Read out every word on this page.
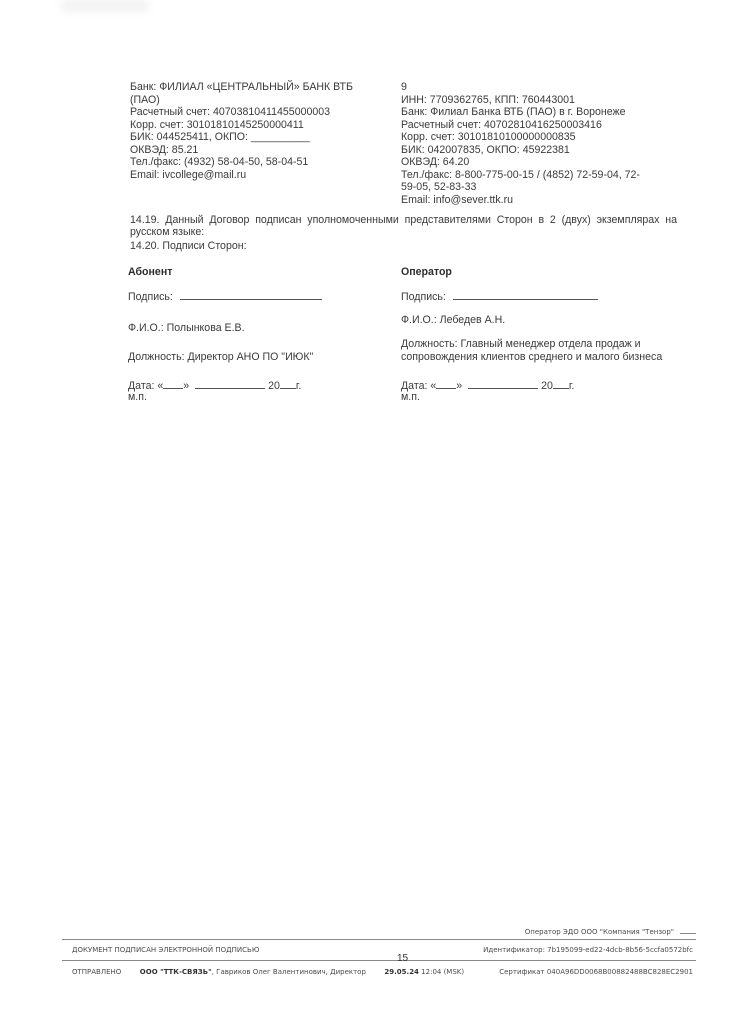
Банк: ФИЛИАЛ «ЦЕНТРАЛЬНЫЙ» БАНК ВТБ
(ПАО)
Расчетный счет: 40703810411455000003
Корр. счет: 30101810145250000411
БИК: 044525411, ОКПО: __________
ОКВЭД: 85.21
Тел./факс: (4932) 58-04-50, 58-04-51
Email: ivcollege@mail.ru
9
ИНН: 7709362765, КПП: 760443001
Банк: Филиал Банка ВТБ (ПАО) в г. Воронеже
Расчетный счет: 40702810416250003416
Корр. счет: 30101810100000000835
БИК: 042007835, ОКПО: 45922381
ОКВЭД: 64.20
Тел./факс: 8-800-775-00-15 / (4852) 72-59-04, 72-
59-05, 52-83-33
Email: info@sever.ttk.ru
14.19. Данный Договор подписан уполномоченными представителями Сторон в 2 (двух) экземплярах на русском языке:
14.20. Подписи Сторон:
Абонент
Подпись:
Ф.И.О.: Полынкова Е.В.
Должность: Директор АНО ПО "ИЮК"
Дата: « »	20 г.
м.п.
Оператор
Подпись:
Ф.И.О.: Лебедев А.Н.
Должность: Главный менеджер отдела продаж и сопровождения клиентов среднего и малого бизнеса
Дата: « »	20 г.
м.п.
Оператор ЭДО ООО "Компания "Тензор"
ДОКУМЕНТ ПОДПИСАН ЭЛЕКТРОННОЙ ПОДПИСЬЮ	Идентификатор: 7b195099-ed22-4dcb-8b56-5ccfa0572bfc
15
ОТПРАВЛЕНО	ООО "ТТК-СВЯЗЬ", Гавриков Олег Валентинович, Директор	29.05.24 12:04 (MSK)	Сертификат 040A96DD0068B00882488BC828EC2901
